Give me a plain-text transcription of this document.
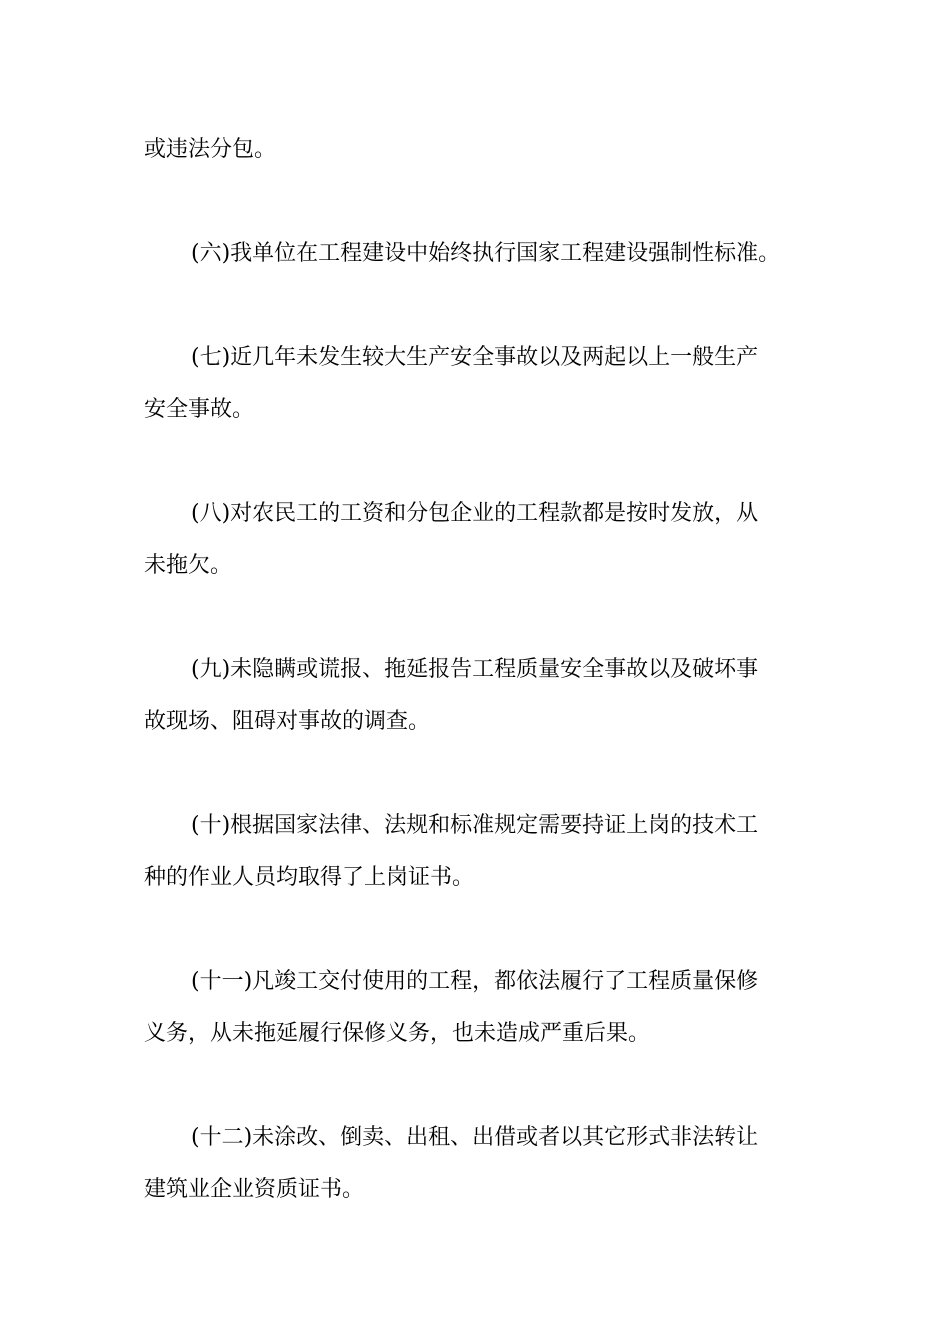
或违法分包。

(六)我单位在工程建设中始终执行国家工程建设强制性标准。

(七)近几年未发生较大生产安全事故以及两起以上一般生产
安全事故。

(八)对农民工的工资和分包企业的工程款都是按时发放，从
未拖欠。

(九)未隐瞒或谎报、拖延报告工程质量安全事故以及破坏事
故现场、阻碍对事故的调查。

(十)根据国家法律、法规和标准规定需要持证上岗的技术工
种的作业人员均取得了上岗证书。

(十一)凡竣工交付使用的工程，都依法履行了工程质量保修
义务，从未拖延履行保修义务，也未造成严重后果。

(十二)未涂改、倒卖、出租、出借或者以其它形式非法转让
建筑业企业资质证书。
